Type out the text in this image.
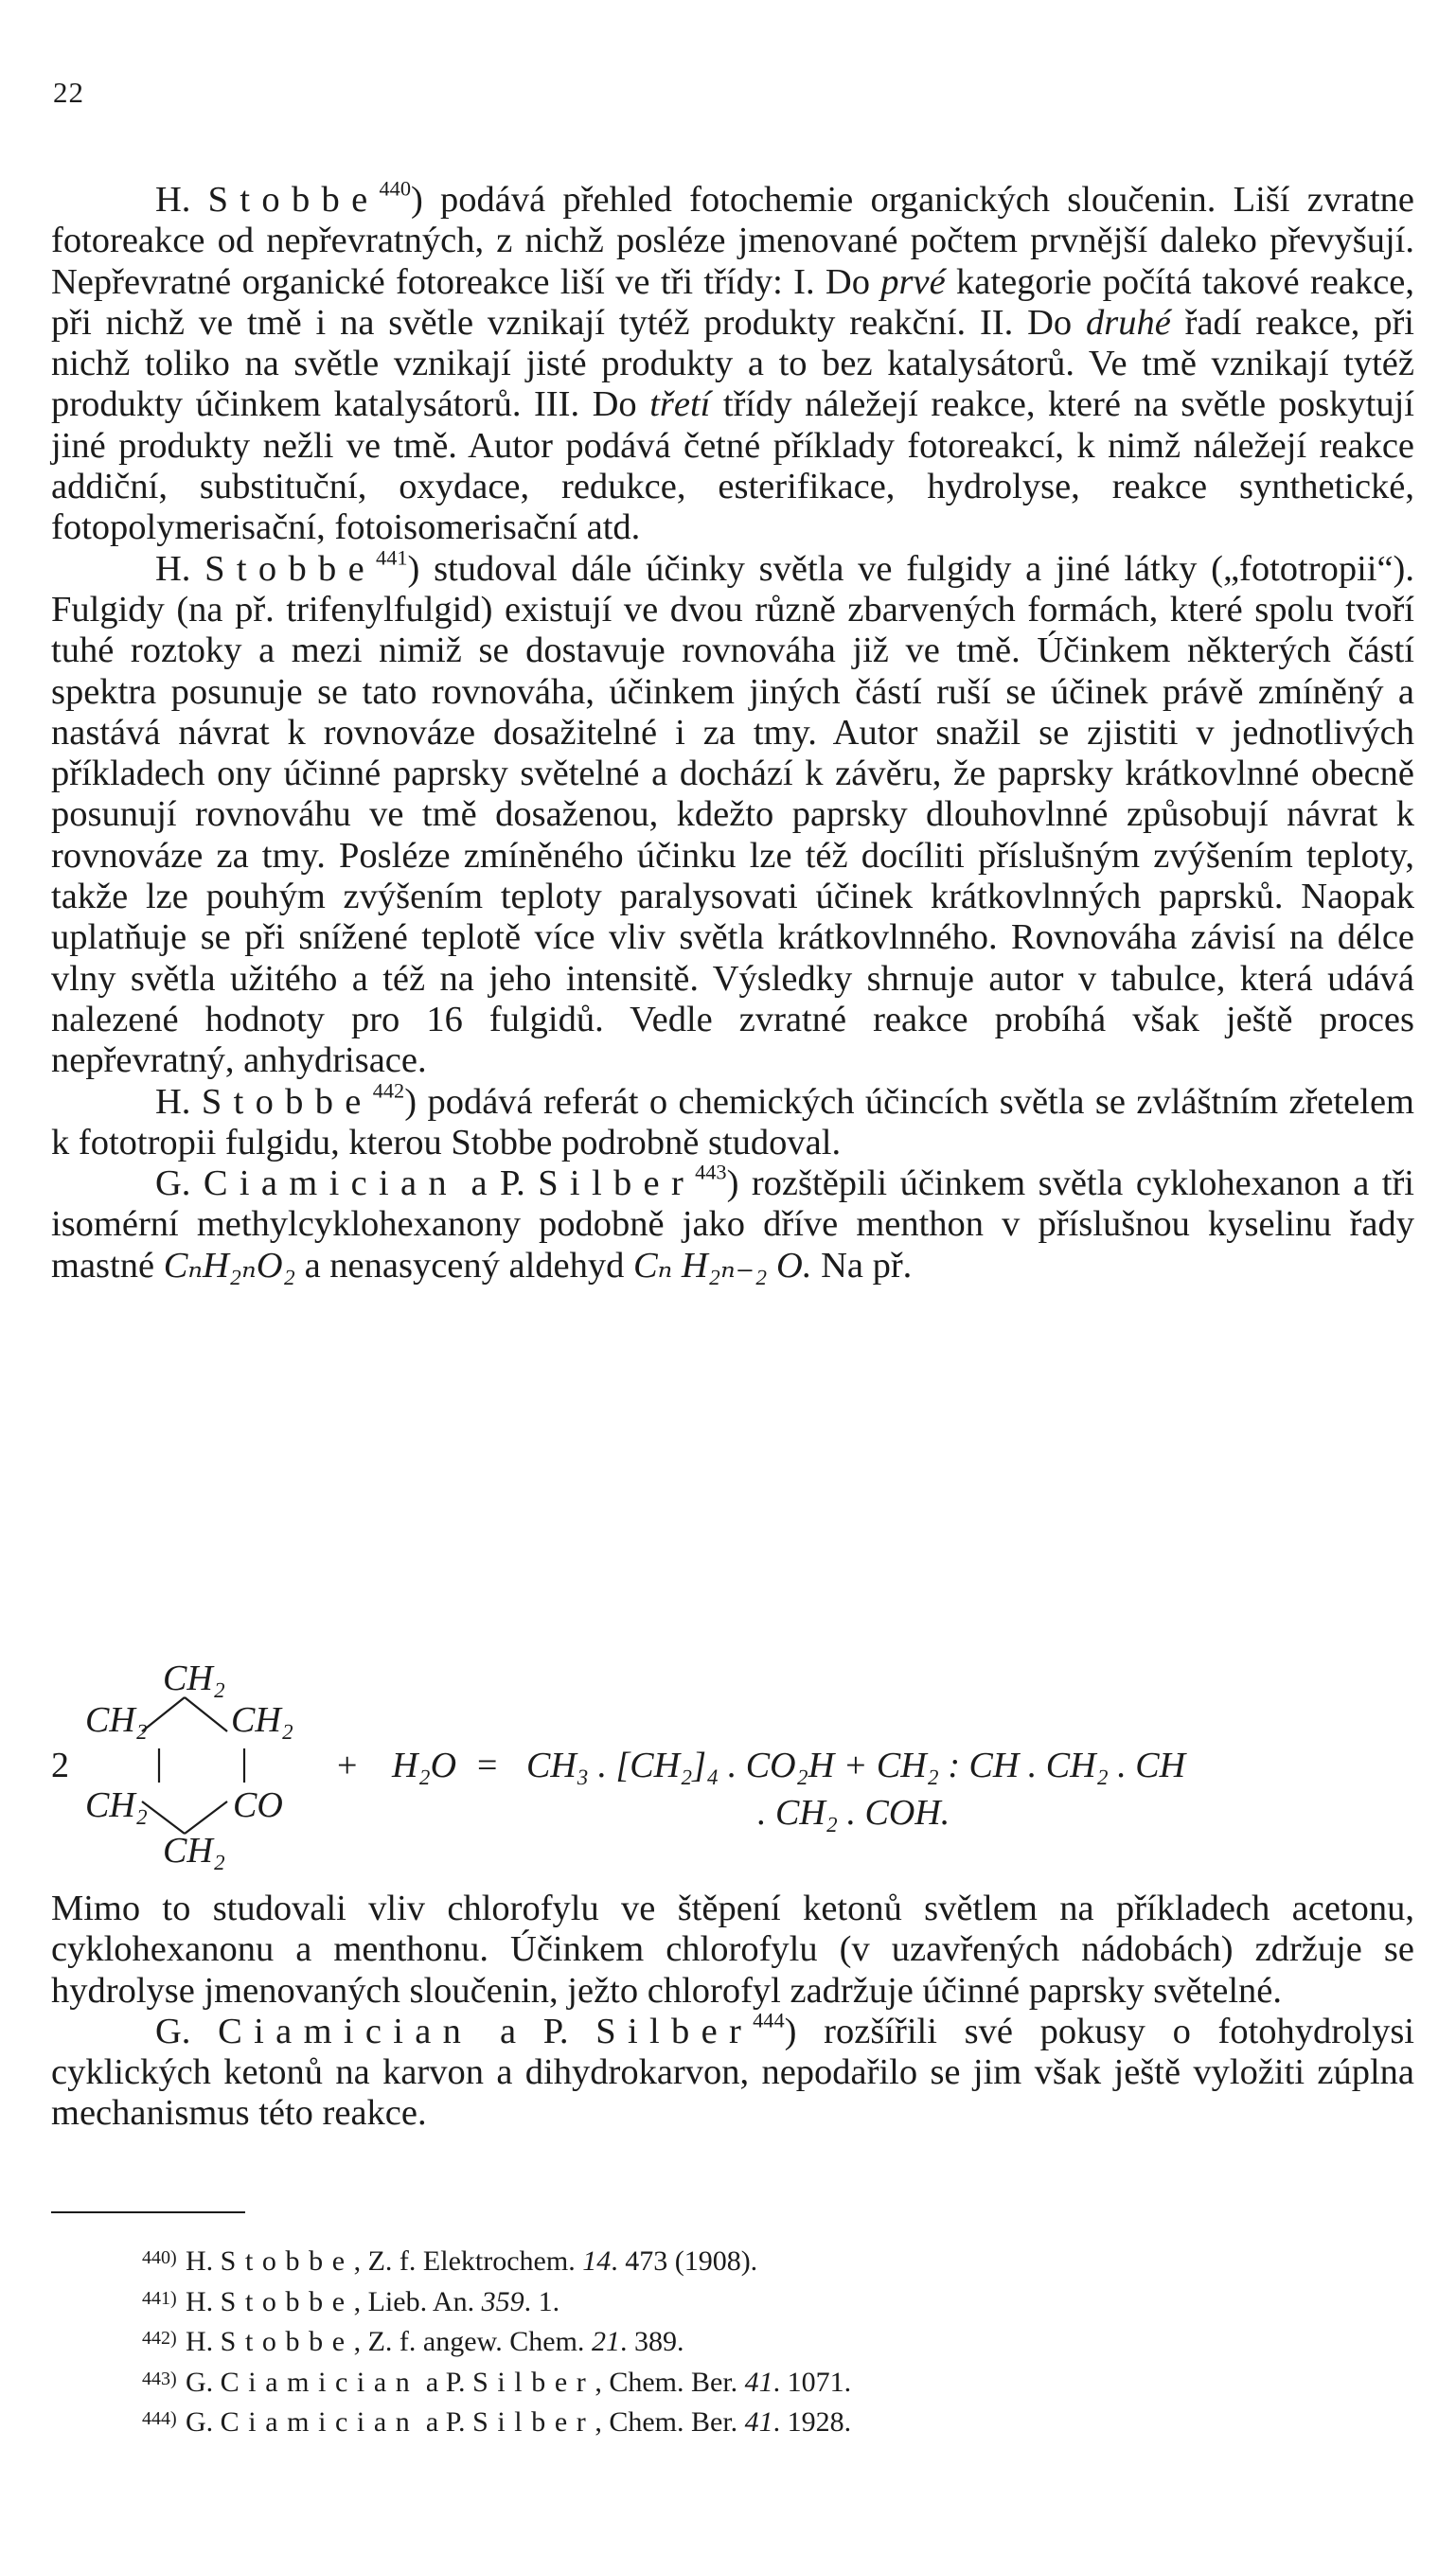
22

H. Stobbe$^{440}$) podává přehled fotochemie organických sloučenin. Liší zvratne fotoreakce od nepřevratných, z nichž posléze jmenované počtem prvnější daleko převyšují. Nepřevratné organické fotoreakce liší ve tři třídy: I. Do prvé kategorie počítá takové reakce, při nichž ve tmě i na světle vznikají tytéž produkty reakční. II. Do druhé řadí reakce, při nichž toliko na světle vznikají jisté produkty a to bez katalysátorů. Ve tmě vznikají tytéž produkty účinkem katalysátorů. III. Do třetí třídy náležejí reakce, které na světle poskytují jiné produkty nežli ve tmě. Autor podává četné příklady fotoreakcí, k nimž náležejí reakce addiční, substituční, oxydace, redukce, esterifikace, hydrolyse, reakce synthetické, fotopolymerisační, fotoisomerisační atd.

H. Stobbe$^{441}$) studoval dále účinky světla ve fulgidy a jiné látky („fototropii“). Fulgidy (na př. trifenylfulgid) existují ve dvou různě zbarvených formách, které spolu tvoří tuhé roztoky a mezi nimiž se dostavuje rovnováha již ve tmě. Účinkem některých částí spektra posunuje se tato rovnováha, účinkem jiných částí ruší se účinek právě zmíněný a nastává návrat k rovnováze dosažitelné i za tmy. Autor snažil se zjistiti v jednotlivých příkladech ony účinné paprsky světelné a dochází k závěru, že paprsky krátkovlnné obecně posunují rovnováhu ve tmě dosaženou, kdežto paprsky dlouhovlnné způsobují návrat k rovnováze za tmy. Posléze zmíněného účinku lze též docíliti příslušným zvýšením teploty, takže lze pouhým zvýšením teploty paralysovati účinek krátkovlnných paprsků. Naopak uplatňuje se při snížené teplotě více vliv světla krátkovlnného. Rovnováha závisí na délce vlny světla užitého a též na jeho intensitě. Výsledky shrnuje autor v tabulce, která udává nalezené hodnoty pro 16 fulgidů. Vedle zvratné reakce probíhá však ještě proces nepřevratný, anhydrisace.

H. Stobbe$^{442}$) podává referát o chemických účincích světla se zvláštním zřetelem k fototropii fulgidu, kterou Stobbe podrobně studoval.

G. Ciamician a P. Silber$^{443}$) rozštěpili účinkem světla cyklohexanon a tři isomérní methylcyklohexanony podobně jako dříve menthon v příslušnou kyselinu řady mastné CₙH₂ₙO₂ a nenasycený aldehyd Cₙ H₂ₙ₋₂ O. Na př.

2
CH₂
CH₂ CH₂
CH₂ CO
CH₂
+ H₂O = CH₃ . [CH₂]₄ . CO₂H + CH₂ : CH . CH₂ . CH
. CH₂ . COH.

Mimo to studovali vliv chlorofylu ve štěpení ketonů světlem na příkladech acetonu, cyklohexanonu a menthonu. Účinkem chlorofylu (v uzavřených nádobách) zdržuje se hydrolyse jmenovaných sloučenin, ježto chlorofyl zadržuje účinné paprsky světelné.

G. Ciamician a P. Silber$^{444}$) rozšířili své pokusy o fotohydrolysi cyklických ketonů na karvon a dihydrokarvon, nepodařilo se jim však ještě vyložiti zúplna mechanismus této reakce.

440) H. Stobbe, Z. f. Elektrochem. 14. 473 (1908).
441) H. Stobbe, Lieb. An. 359. 1.
442) H. Stobbe, Z. f. angew. Chem. 21. 389.
443) G. Ciamician a P. Silber, Chem. Ber. 41. 1071.
444) G. Ciamician a P. Silber, Chem. Ber. 41. 1928.
